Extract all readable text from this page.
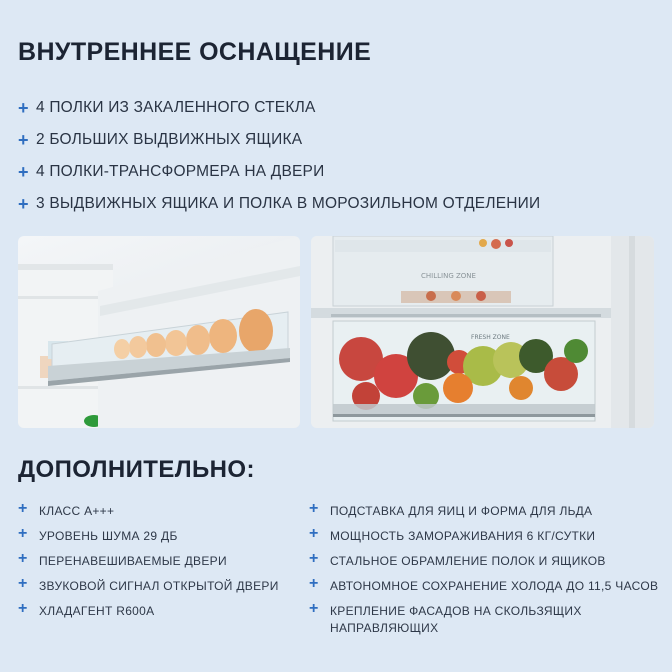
ВНУТРЕННЕЕ ОСНАЩЕНИЕ
+ 4 ПОЛКИ ИЗ ЗАКАЛЕННОГО СТЕКЛА
+ 2 БОЛЬШИХ ВЫДВИЖНЫХ ЯЩИКА
+ 4 ПОЛКИ-ТРАНСФОРМЕРА НА ДВЕРИ
+ 3 ВЫДВИЖНЫХ ЯЩИКА И ПОЛКА В МОРОЗИЛЬНОМ ОТДЕЛЕНИИ
CHILLING ZONE
FRESH ZONE
ДОПОЛНИТЕЛЬНО:
+ КЛАСС А+++
+ УРОВЕНЬ ШУМА 29 ДБ
+ ПЕРЕНАВЕШИВАЕМЫЕ ДВЕРИ
+ ЗВУКОВОЙ СИГНАЛ ОТКРЫТОЙ ДВЕРИ
+ ХЛАДАГЕНТ R600A
+ ПОДСТАВКА ДЛЯ ЯИЦ И ФОРМА ДЛЯ ЛЬДА
+ МОЩНОСТЬ ЗАМОРАЖИВАНИЯ 6 КГ/СУТКИ
+ СТАЛЬНОЕ ОБРАМЛЕНИЕ ПОЛОК И ЯЩИКОВ
+ АВТОНОМНОЕ СОХРАНЕНИЕ ХОЛОДА ДО 11,5 ЧАСОВ
+ КРЕПЛЕНИЕ ФАСАДОВ НА СКОЛЬЗЯЩИХ НАПРАВЛЯЮЩИХ
